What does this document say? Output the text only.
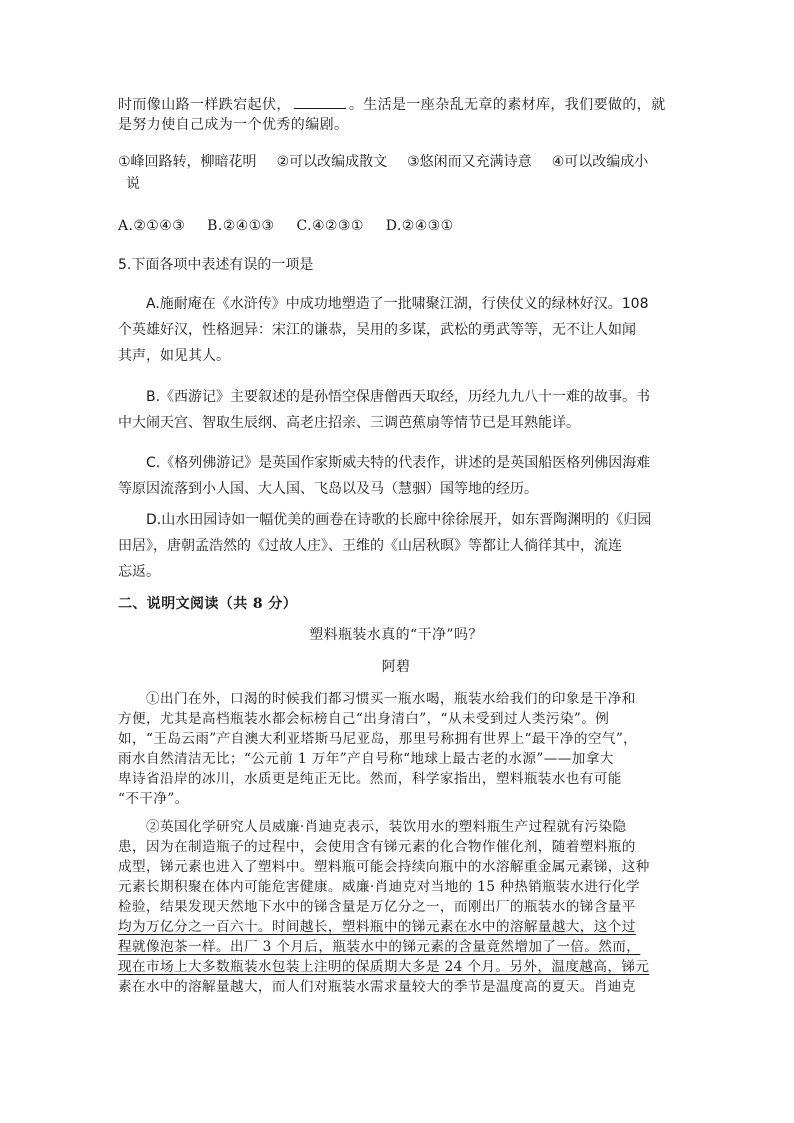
时而像山路一样跌宕起伏，	。生活是一座杂乱无章的素材库，我们要做的，就
是努力使自己成为一个优秀的编剧。
①峰回路转，柳暗花明 ②可以改编成散文 ③悠闲而又充满诗意 ④可以改编成小
说
A.②①④③ B.②④①③ C.④②③① D.②④③①
5.下面各项中表述有误的一项是
A.施耐庵在《水浒传》中成功地塑造了一批啸聚江湖，行侠仗义的绿林好汉。108
个英雄好汉，性格迥异：宋江的谦恭，吴用的多谋，武松的勇武等等，无不让人如闻
其声，如见其人。
B.《西游记》主要叙述的是孙悟空保唐僧西天取经，历经九九八十一难的故事。书
中大闹天宫、智取生辰纲、高老庄招亲、三调芭蕉扇等情节已是耳熟能详。
C.《格列佛游记》是英国作家斯威夫特的代表作，讲述的是英国船医格列佛因海难
等原因流落到小人国、大人国、飞岛以及马（慧骃）国等地的经历。
D.山水田园诗如一幅优美的画卷在诗歌的长廊中徐徐展开，如东晋陶渊明的《归园
田居》，唐朝孟浩然的《过故人庄》、王维的《山居秋暝》等都让人徜徉其中，流连
忘返。
二、说明文阅读（共 8 分）
塑料瓶装水真的“干净”吗？
阿碧
①出门在外，口渴的时候我们都习惯买一瓶水喝，瓶装水给我们的印象是干净和
方便，尤其是高档瓶装水都会标榜自己“出身清白”，“从未受到过人类污染”。例
如，“王岛云雨”产自澳大利亚塔斯马尼亚岛，那里号称拥有世界上“最干净的空气”，
雨水自然清洁无比；“公元前 1 万年”产自号称“地球上最古老的水源”——加拿大
卑诗省沿岸的冰川，水质更是纯正无比。然而，科学家指出，塑料瓶装水也有可能
“不干净”。
②英国化学研究人员威廉·肖迪克表示，装饮用水的塑料瓶生产过程就有污染隐
患，因为在制造瓶子的过程中，会使用含有锑元素的化合物作催化剂，随着塑料瓶的
成型，锑元素也进入了塑料中。塑料瓶可能会持续向瓶中的水溶解重金属元素锑，这种
元素长期积聚在体内可能危害健康。威廉·肖迪克对当地的 15 种热销瓶装水进行化学
检验，结果发现天然地下水中的锑含量是万亿分之一，而刚出厂的瓶装水的锑含量平
均为万亿分之一百六十。时间越长，塑料瓶中的锑元素在水中的溶解量越大，这个过
程就像泡茶一样。出厂 3 个月后，瓶装水中的锑元素的含量竟然增加了一倍。然而，
现在市场上大多数瓶装水包装上注明的保质期大多是 24 个月。另外，温度越高，锑元
素在水中的溶解量越大，而人们对瓶装水需求量较大的季节是温度高的夏天。肖迪克
